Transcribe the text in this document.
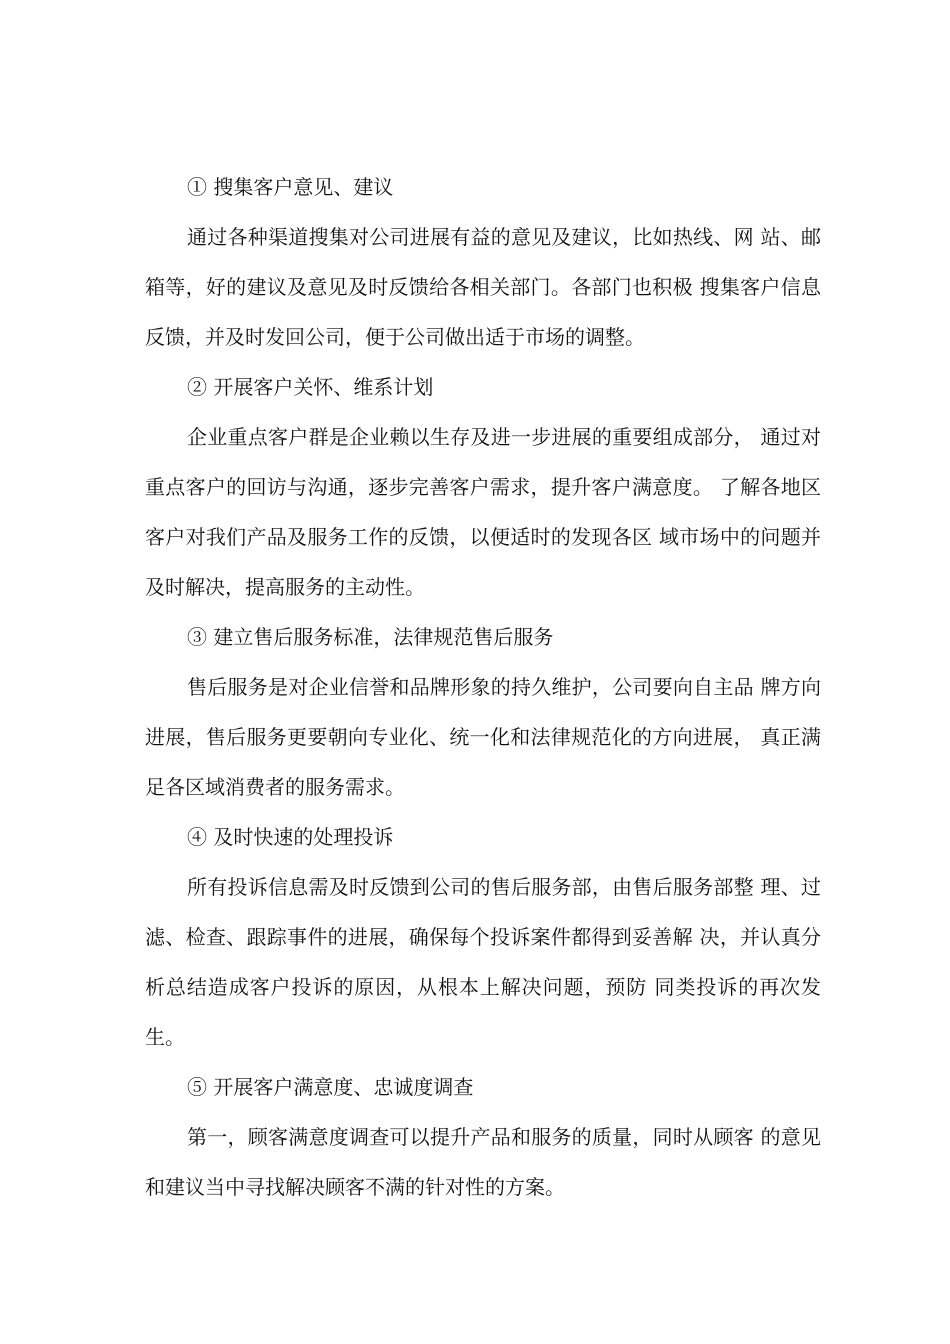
① 搜集客户意见、建议

通过各种渠道搜集对公司进展有益的意见及建议，比如热线、网 站、邮箱等，好的建议及意见及时反馈给各相关部门。各部门也积极 搜集客户信息反馈，并及时发回公司，便于公司做出适于市场的调整。

② 开展客户关怀、维系计划

企业重点客户群是企业赖以生存及进一步进展的重要组成部分， 通过对重点客户的回访与沟通，逐步完善客户需求，提升客户满意度。 了解各地区客户对我们产品及服务工作的反馈，以便适时的发现各区 域市场中的问题并及时解决，提高服务的主动性。

③ 建立售后服务标准，法律规范售后服务

售后服务是对企业信誉和品牌形象的持久维护，公司要向自主品 牌方向进展，售后服务更要朝向专业化、统一化和法律规范化的方向进展， 真正满足各区域消费者的服务需求。

④ 及时快速的处理投诉

所有投诉信息需及时反馈到公司的售后服务部，由售后服务部整 理、过滤、检查、跟踪事件的进展，确保每个投诉案件都得到妥善解 决，并认真分析总结造成客户投诉的原因，从根本上解决问题，预防 同类投诉的再次发生。

⑤ 开展客户满意度、忠诚度调查

第一，顾客满意度调查可以提升产品和服务的质量，同时从顾客 的意见和建议当中寻找解决顾客不满的针对性的方案。
